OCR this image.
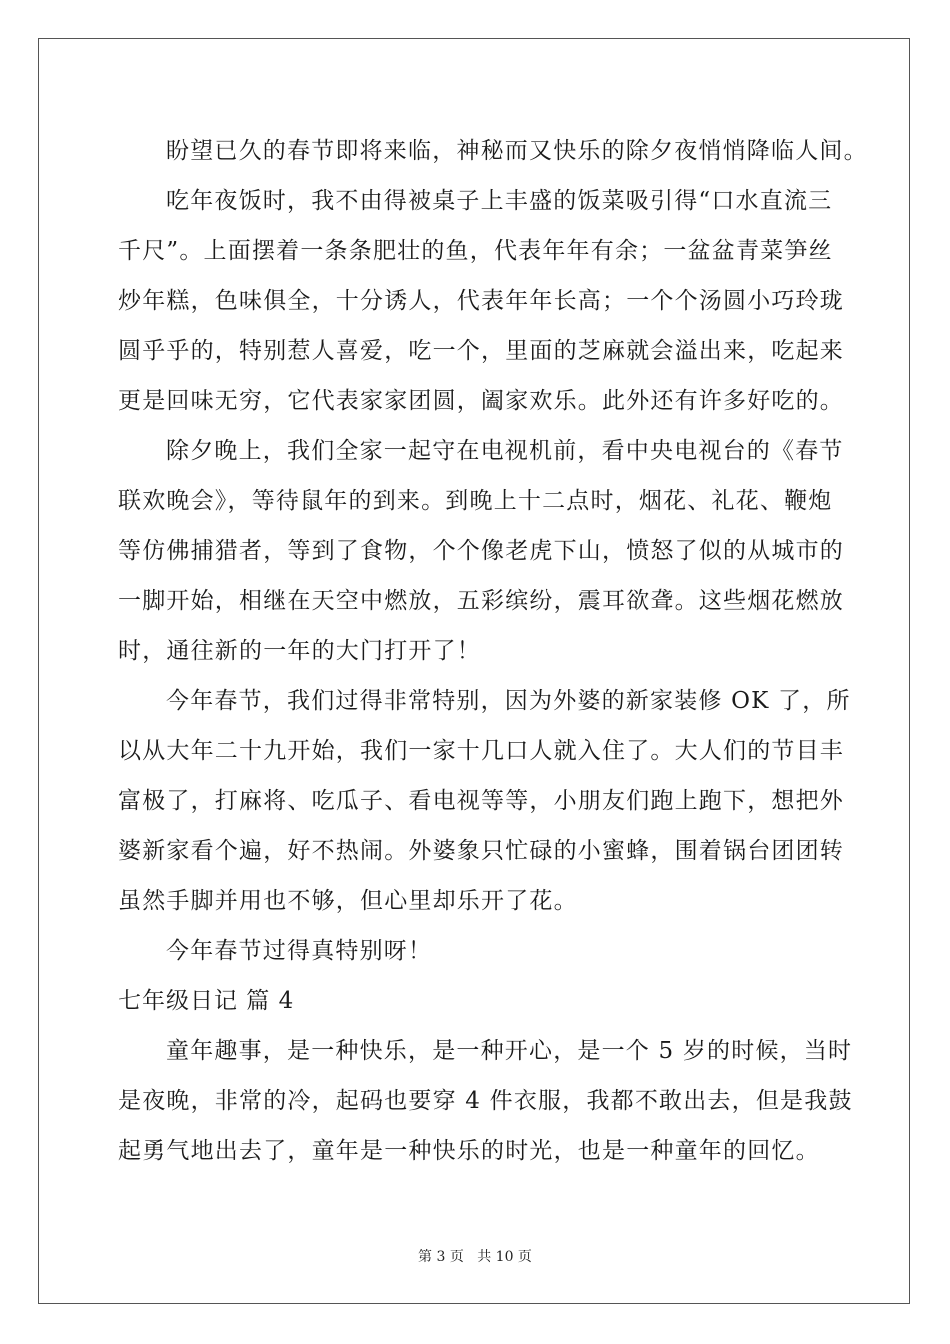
盼望已久的春节即将来临，神秘而又快乐的除夕夜悄悄降临人间。
吃年夜饭时，我不由得被桌子上丰盛的饭菜吸引得“口水直流三
千尺”。上面摆着一条条肥壮的鱼，代表年年有余；一盆盆青菜笋丝
炒年糕，色味俱全，十分诱人，代表年年长高；一个个汤圆小巧玲珑
圆乎乎的，特别惹人喜爱，吃一个，里面的芝麻就会溢出来，吃起来
更是回味无穷，它代表家家团圆，阖家欢乐。此外还有许多好吃的。
除夕晚上，我们全家一起守在电视机前，看中央电视台的《春节
联欢晚会》，等待鼠年的到来。到晚上十二点时，烟花、礼花、鞭炮
等仿佛捕猎者，等到了食物，个个像老虎下山，愤怒了似的从城市的
一脚开始，相继在天空中燃放，五彩缤纷，震耳欲聋。这些烟花燃放
时，通往新的一年的大门打开了！
今年春节，我们过得非常特别，因为外婆的新家装修 OK 了，所
以从大年二十九开始，我们一家十几口人就入住了。大人们的节目丰
富极了，打麻将、吃瓜子、看电视等等，小朋友们跑上跑下，想把外
婆新家看个遍，好不热闹。外婆象只忙碌的小蜜蜂，围着锅台团团转
虽然手脚并用也不够，但心里却乐开了花。
今年春节过得真特别呀！
七年级日记 篇 4
童年趣事，是一种快乐，是一种开心，是一个 5 岁的时候，当时
是夜晚，非常的冷，起码也要穿 4 件衣服，我都不敢出去，但是我鼓
起勇气地出去了，童年是一种快乐的时光，也是一种童年的回忆。
第 3 页 共 10 页
